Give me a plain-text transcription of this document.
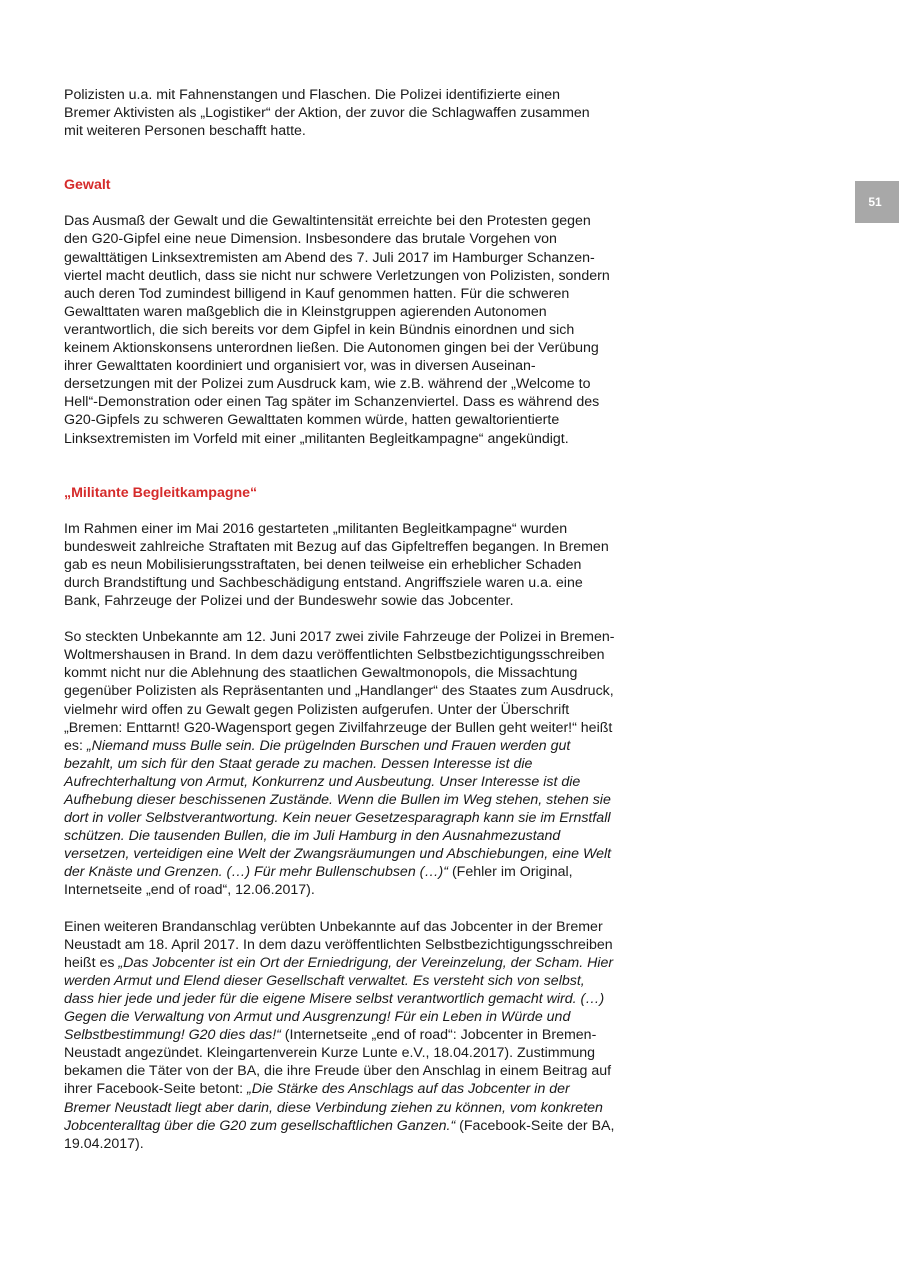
51

Polizisten u.a. mit Fahnenstangen und Flaschen. Die Polizei identifizierte einen
Bremer Aktivisten als „Logistiker“ der Aktion, der zuvor die Schlagwaffen zusammen
mit weiteren Personen beschafft hatte.

Gewalt

Das Ausmaß der Gewalt und die Gewaltintensität erreichte bei den Protesten gegen den G20-Gipfel eine neue Dimension. Insbesondere das brutale Vorgehen von gewalttätigen Linksextremisten am Abend des 7. Juli 2017 im Hamburger Schanzenviertel macht deutlich, dass sie nicht nur schwere Verletzungen von Polizisten, sondern auch deren Tod zumindest billigend in Kauf genommen hatten. Für die schweren Gewalttaten waren maßgeblich die in Kleinstgruppen agierenden Autonomen verantwortlich, die sich bereits vor dem Gipfel in kein Bündnis einordnen und sich keinem Aktionskonsens unterordnen ließen. Die Autonomen gingen bei der Verübung ihrer Gewalttaten koordiniert und organisiert vor, was in diversen Auseinandersetzungen mit der Polizei zum Ausdruck kam, wie z.B. während der „Welcome to Hell“-Demonstration oder einen Tag später im Schanzenviertel. Dass es während des G20-Gipfels zu schweren Gewalttaten kommen würde, hatten gewaltorientierte Linksextremisten im Vorfeld mit einer „militanten Begleitkampagne“ angekündigt.

„Militante Begleitkampagne“

Im Rahmen einer im Mai 2016 gestarteten „militanten Begleitkampagne“ wurden bundesweit zahlreiche Straftaten mit Bezug auf das Gipfeltreffen begangen. In Bremen gab es neun Mobilisierungsstraftaten, bei denen teilweise ein erheblicher Schaden durch Brandstiftung und Sachbeschädigung entstand. Angriffsziele waren u.a. eine Bank, Fahrzeuge der Polizei und der Bundeswehr sowie das Jobcenter.

So steckten Unbekannte am 12. Juni 2017 zwei zivile Fahrzeuge der Polizei in Bremen-Woltmershausen in Brand. In dem dazu veröffentlichten Selbstbezichtigungsschreiben kommt nicht nur die Ablehnung des staatlichen Gewaltmonopols, die Missachtung gegenüber Polizisten als Repräsentanten und „Handlanger“ des Staates zum Ausdruck, vielmehr wird offen zu Gewalt gegen Polizisten aufgerufen. Unter der Überschrift „Bremen: Enttarnt! G20-Wagensport gegen Zivilfahrzeuge der Bullen geht weiter!“ heißt es: „Niemand muss Bulle sein. Die prügelnden Burschen und Frauen werden gut bezahlt, um sich für den Staat gerade zu machen. Dessen Interesse ist die Aufrechterhaltung von Armut, Konkurrenz und Ausbeutung. Unser Interesse ist die Aufhebung dieser beschissenen Zustände. Wenn die Bullen im Weg stehen, stehen sie dort in voller Selbstverantwortung. Kein neuer Gesetzesparagraph kann sie im Ernstfall schützen. Die tausenden Bullen, die im Juli Hamburg in den Ausnahmezustand versetzen, verteidigen eine Welt der Zwangsräumungen und Abschiebungen, eine Welt der Knäste und Grenzen. (…) Für mehr Bullenschubsen (…)“ (Fehler im Original, Internetseite „end of road“, 12.06.2017).

Einen weiteren Brandanschlag verübten Unbekannte auf das Jobcenter in der Bremer Neustadt am 18. April 2017. In dem dazu veröffentlichten Selbstbezichtigungsschreiben heißt es „Das Jobcenter ist ein Ort der Erniedrigung, der Vereinzelung, der Scham. Hier werden Armut und Elend dieser Gesellschaft verwaltet. Es versteht sich von selbst, dass hier jede und jeder für die eigene Misere selbst verantwortlich gemacht wird. (…) Gegen die Verwaltung von Armut und Ausgrenzung! Für ein Leben in Würde und Selbstbestimmung! G20 dies das!“ (Internetseite „end of road“: Jobcenter in Bremen-Neustadt angezündet. Kleingartenverein Kurze Lunte e.V., 18.04.2017). Zustimmung bekamen die Täter von der BA, die ihre Freude über den Anschlag in einem Beitrag auf ihrer Facebook-Seite betont: „Die Stärke des Anschlags auf das Jobcenter in der Bremer Neustadt liegt aber darin, diese Verbindung ziehen zu können, vom konkreten Jobcenteralltag über die G20 zum gesellschaftlichen Ganzen.“ (Facebook-Seite der BA, 19.04.2017).
